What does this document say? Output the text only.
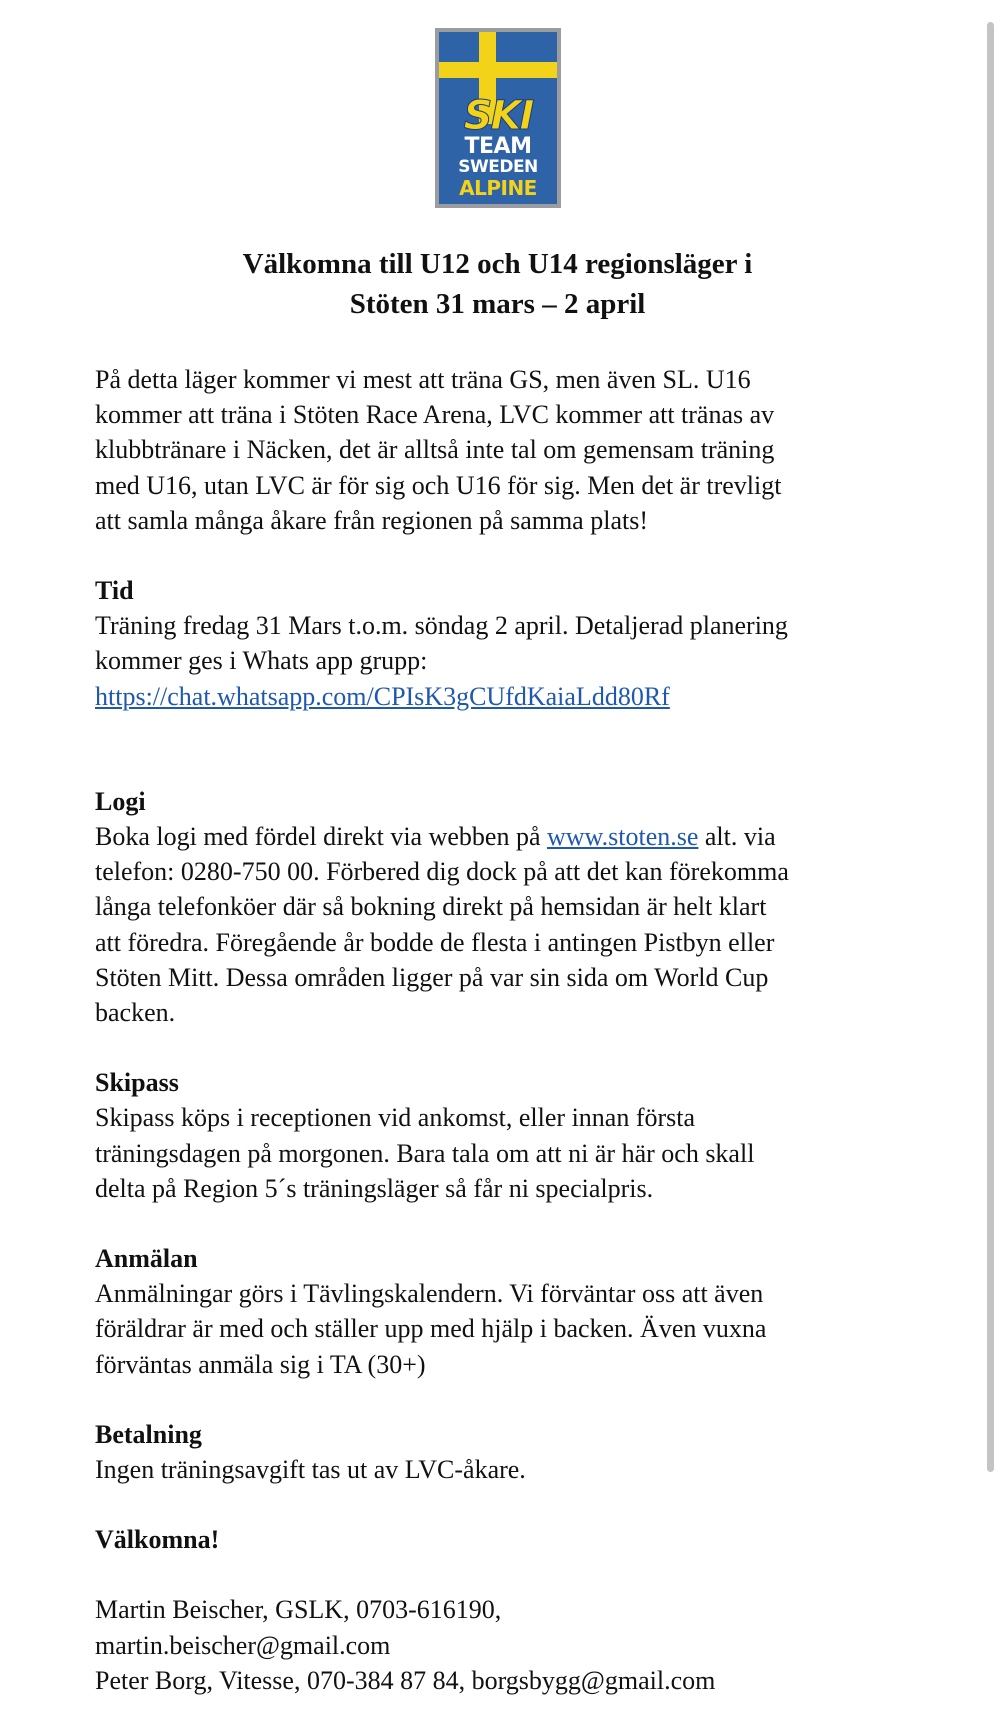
SKI
TEAM
SWEDEN
ALPINE
Välkomna till U12 och U14 regionsläger i
Stöten 31 mars – 2 april

På detta läger kommer vi mest att träna GS, men även SL. U16
kommer att träna i Stöten Race Arena, LVC kommer att tränas av
klubbtränare i Näcken, det är alltså inte tal om gemensam träning
med U16, utan LVC är för sig och U16 för sig. Men det är trevligt
att samla många åkare från regionen på samma plats!

Tid
Träning fredag 31 Mars t.o.m. söndag 2 april. Detaljerad planering
kommer ges i Whats app grupp:
https://chat.whatsapp.com/CPIsK3gCUfdKaiaLdd80Rf
Logi
Boka logi med fördel direkt via webben på www.stoten.se alt. via
telefon: 0280-750 00. Förbered dig dock på att det kan förekomma
långa telefonköer där så bokning direkt på hemsidan är helt klart
att föredra. Föregående år bodde de flesta i antingen Pistbyn eller
Stöten Mitt. Dessa områden ligger på var sin sida om World Cup
backen.
Skipass
Skipass köps i receptionen vid ankomst, eller innan första
träningsdagen på morgonen. Bara tala om att ni är här och skall
delta på Region 5´s träningsläger så får ni specialpris.
Anmälan
Anmälningar görs i Tävlingskalendern. Vi förväntar oss att även
föräldrar är med och ställer upp med hjälp i backen. Även vuxna
förväntas anmäla sig i TA (30+)
Betalning
Ingen träningsavgift tas ut av LVC-åkare.
Välkomna!
Martin Beischer, GSLK, 0703-616190,
martin.beischer@gmail.com
Peter Borg, Vitesse, 070-384 87 84, borgsbygg@gmail.com
